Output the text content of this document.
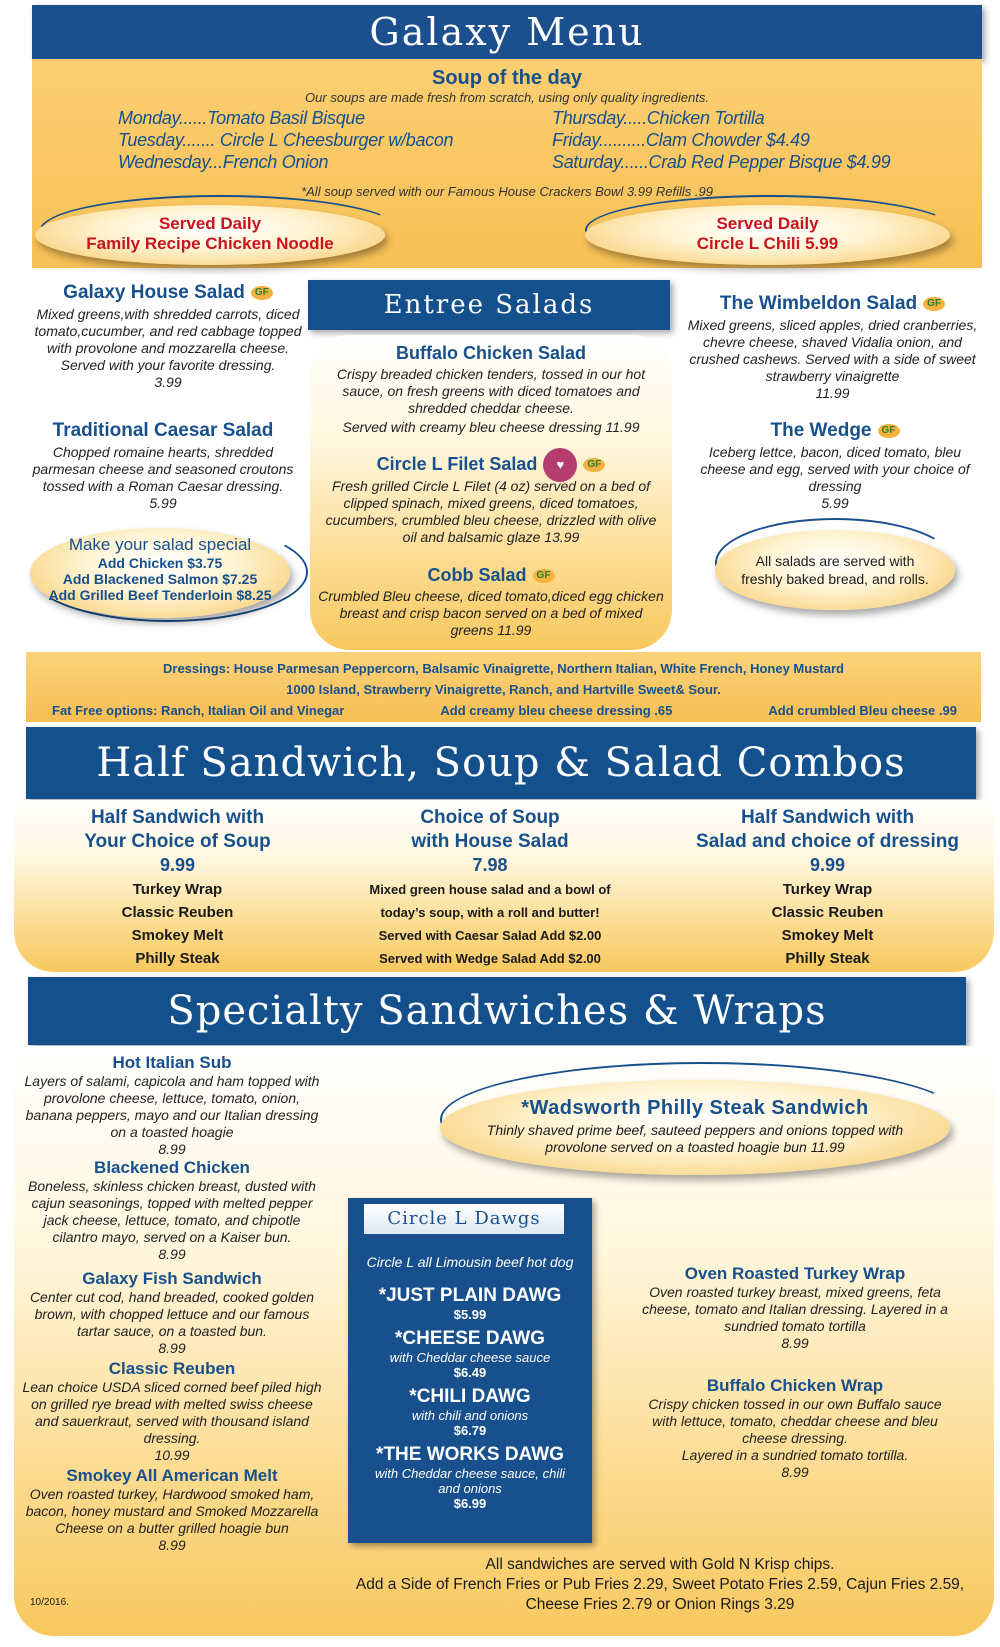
Galaxy Menu
Soup of the day
Our soups are made fresh from scratch, using only quality ingredients.
Monday......Tomato Basil Bisque
Tuesday....... Circle L Cheesburger w/bacon
Wednesday...French Onion
Thursday.....Chicken Tortilla
Friday..........Clam Chowder $4.49
Saturday......Crab Red Pepper Bisque $4.99
*All soup served with our Famous House Crackers Bowl 3.99 Refills .99
Served Daily
Family Recipe Chicken Noodle
Served Daily
Circle L Chili 5.99
Entree Salads
Galaxy House Salad GF
Mixed greens,with shredded carrots, diced tomato,cucumber, and red cabbage topped with provolone and mozzarella cheese. Served with your favorite dressing.
3.99
Traditional Caesar Salad
Chopped romaine hearts, shredded parmesan cheese and seasoned croutons tossed with a Roman Caesar dressing.
5.99
Make your salad special
Add Chicken $3.75
Add Blackened Salmon $7.25
Add Grilled Beef Tenderloin $8.25
Buffalo Chicken Salad
Crispy breaded chicken tenders, tossed in our hot sauce, on fresh greens with diced tomatoes and shredded cheddar cheese.
Served with creamy bleu cheese dressing 11.99
Circle L Filet Salad ♥ GF
Fresh grilled Circle L Filet (4 oz) served on a bed of clipped spinach, mixed greens, diced tomatoes, cucumbers, crumbled bleu cheese, drizzled with olive oil and balsamic glaze 13.99
Cobb Salad GF
Crumbled Bleu cheese, diced tomato,diced egg chicken breast and crisp bacon served on a bed of mixed greens 11.99
The Wimbeldon Salad GF
Mixed greens, sliced apples, dried cranberries, chevre cheese, shaved Vidalia onion, and crushed cashews. Served with a side of sweet strawberry vinaigrette
11.99
The Wedge GF
Iceberg lettce, bacon, diced tomato, bleu cheese and egg, served with your choice of dressing
5.99
All salads are served with freshly baked bread, and rolls.
Dressings: House Parmesan Peppercorn, Balsamic Vinaigrette, Northern Italian, White French, Honey Mustard
1000 Island, Strawberry Vinaigrette, Ranch, and Hartville Sweet& Sour.
Fat Free options: Ranch, Italian Oil and Vinegar	Add creamy bleu cheese dressing .65	Add crumbled Bleu cheese .99
Half Sandwich, Soup & Salad Combos
Half Sandwich with
Your Choice of Soup
9.99
Turkey Wrap
Classic Reuben
Smokey Melt
Philly Steak
Choice of Soup
with House Salad
7.98
Mixed green house salad and a bowl of
today’s soup, with a roll and butter!
Served with Caesar Salad Add $2.00
Served with Wedge Salad Add $2.00
Half Sandwich with
Salad and choice of dressing
9.99
Turkey Wrap
Classic Reuben
Smokey Melt
Philly Steak
Specialty Sandwiches & Wraps
Hot Italian Sub
Layers of salami, capicola and ham topped with provolone cheese, lettuce, tomato, onion, banana peppers, mayo and our Italian dressing on a toasted hoagie
8.99
Blackened Chicken
Boneless, skinless chicken breast, dusted with cajun seasonings, topped with melted pepper jack cheese, lettuce, tomato, and chipotle cilantro mayo, served on a Kaiser bun.
8.99
Galaxy Fish Sandwich
Center cut cod, hand breaded, cooked golden brown, with chopped lettuce and our famous tartar sauce, on a toasted bun.
8.99
Classic Reuben
Lean choice USDA sliced corned beef piled high on grilled rye bread with melted swiss cheese and sauerkraut, served with thousand island dressing.
10.99
Smokey All American Melt
Oven roasted turkey, Hardwood smoked ham, bacon, honey mustard and Smoked Mozzarella Cheese on a butter grilled hoagie bun
8.99
10/2016.
*Wadsworth Philly Steak Sandwich
Thinly shaved prime beef, sauteed peppers and onions topped with provolone served on a toasted hoagie bun 11.99
Circle L Dawgs
Circle L all Limousin beef hot dog
*JUST PLAIN DAWG
$5.99
*CHEESE DAWG
with Cheddar cheese sauce
$6.49
*CHILI DAWG
with chili and onions
$6.79
*THE WORKS DAWG
with Cheddar cheese sauce, chili and onions
$6.99
Oven Roasted Turkey Wrap
Oven roasted turkey breast, mixed greens, feta cheese, tomato and Italian dressing. Layered in a sundried tomato tortilla
8.99
Buffalo Chicken Wrap
Crispy chicken tossed in our own Buffalo sauce with lettuce, tomato, cheddar cheese and bleu cheese dressing.
Layered in a sundried tomato tortilla.
8.99
All sandwiches are served with Gold N Krisp chips.
Add a Side of French Fries or Pub Fries 2.29, Sweet Potato Fries 2.59, Cajun Fries 2.59,
Cheese Fries 2.79 or Onion Rings 3.29
